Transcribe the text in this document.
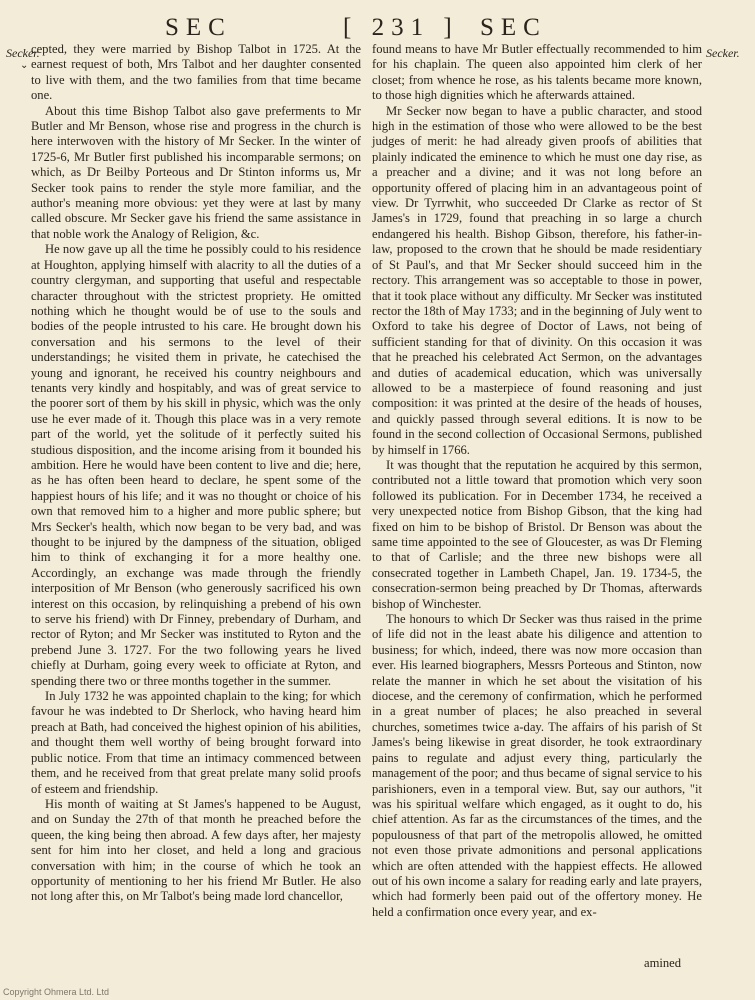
SEC	[ 231 ] SEC
Secker.	Secker.
⌄

cepted, they were married by Bishop Talbot in 1725. At the earnest request of both, Mrs Talbot and her daughter consented to live with them, and the two families from that time became one.

About this time Bishop Talbot also gave preferments to Mr Butler and Mr Benson, whose rise and progress in the church is here interwoven with the history of Mr Secker. In the winter of 1725-6, Mr Butler first published his incomparable sermons; on which, as Dr Beilby Porteous and Dr Stinton informs us, Mr Secker took pains to render the style more familiar, and the author's meaning more obvious: yet they were at last by many called obscure. Mr Secker gave his friend the same assistance in that noble work the Analogy of Religion, &c.

He now gave up all the time he possibly could to his residence at Houghton, applying himself with alacrity to all the duties of a country clergyman, and supporting that useful and respectable character throughout with the strictest propriety. He omitted nothing which he thought would be of use to the souls and bodies of the people intrusted to his care. He brought down his conversation and his sermons to the level of their understandings; he visited them in private, he catechised the young and ignorant, he received his country neighbours and tenants very kindly and hospitably, and was of great service to the poorer sort of them by his skill in physic, which was the only use he ever made of it. Though this place was in a very remote part of the world, yet the solitude of it perfectly suited his studious disposition, and the income arising from it bounded his ambition. Here he would have been content to live and die; here, as he has often been heard to declare, he spent some of the happiest hours of his life; and it was no thought or choice of his own that removed him to a higher and more public sphere; but Mrs Secker's health, which now began to be very bad, and was thought to be injured by the dampness of the situation, obliged him to think of exchanging it for a more healthy one. Accordingly, an exchange was made through the friendly interposition of Mr Benson (who generously sacrificed his own interest on this occasion, by relinquishing a prebend of his own to serve his friend) with Dr Finney, prebendary of Durham, and rector of Ryton; and Mr Secker was instituted to Ryton and the prebend June 3. 1727. For the two following years he lived chiefly at Durham, going every week to officiate at Ryton, and spending there two or three months together in the summer.

In July 1732 he was appointed chaplain to the king; for which favour he was indebted to Dr Sherlock, who having heard him preach at Bath, had conceived the highest opinion of his abilities, and thought them well worthy of being brought forward into public notice. From that time an intimacy commenced between them, and he received from that great prelate many solid proofs of esteem and friendship.

His month of waiting at St James's happened to be August, and on Sunday the 27th of that month he preached before the queen, the king being then abroad. A few days after, her majesty sent for him into her closet, and held a long and gracious conversation with him; in the course of which he took an opportunity of mentioning to her his friend Mr Butler. He also not long after this, on Mr Talbot's being made lord chancellor,

found means to have Mr Butler effectually recommended to him for his chaplain. The queen also appointed him clerk of her closet; from whence he rose, as his talents became more known, to those high dignities which he afterwards attained.

Mr Secker now began to have a public character, and stood high in the estimation of those who were allowed to be the best judges of merit: he had already given proofs of abilities that plainly indicated the eminence to which he must one day rise, as a preacher and a divine; and it was not long before an opportunity offered of placing him in an advantageous point of view. Dr Tyrrwhit, who succeeded Dr Clarke as rector of St James's in 1729, found that preaching in so large a church endangered his health. Bishop Gibson, therefore, his father-in-law, proposed to the crown that he should be made residentiary of St Paul's, and that Mr Secker should succeed him in the rectory. This arrangement was so acceptable to those in power, that it took place without any difficulty. Mr Secker was instituted rector the 18th of May 1733; and in the beginning of July went to Oxford to take his degree of Doctor of Laws, not being of sufficient standing for that of divinity. On this occasion it was that he preached his celebrated Act Sermon, on the advantages and duties of academical education, which was universally allowed to be a masterpiece of found reasoning and just composition: it was printed at the desire of the heads of houses, and quickly passed through several editions. It is now to be found in the second collection of Occasional Sermons, published by himself in 1766.

It was thought that the reputation he acquired by this sermon, contributed not a little toward that promotion which very soon followed its publication. For in December 1734, he received a very unexpected notice from Bishop Gibson, that the king had fixed on him to be bishop of Bristol. Dr Benson was about the same time appointed to the see of Gloucester, as was Dr Fleming to that of Carlisle; and the three new bishops were all consecrated together in Lambeth Chapel, Jan. 19. 1734-5, the consecration-sermon being preached by Dr Thomas, afterwards bishop of Winchester.

The honours to which Dr Secker was thus raised in the prime of life did not in the least abate his diligence and attention to business; for which, indeed, there was now more occasion than ever. His learned biographers, Messrs Porteous and Stinton, now relate the manner in which he set about the visitation of his diocese, and the ceremony of confirmation, which he performed in a great number of places; he also preached in several churches, sometimes twice a-day. The affairs of his parish of St James's being likewise in great disorder, he took extraordinary pains to regulate and adjust every thing, particularly the management of the poor; and thus became of signal service to his parishioners, even in a temporal view. But, say our authors, "it was his spiritual welfare which engaged, as it ought to do, his chief attention. As far as the circumstances of the times, and the populousness of that part of the metropolis allowed, he omitted not even those private admonitions and personal applications which are often attended with the happiest effects. He allowed out of his own income a salary for reading early and late prayers, which had formerly been paid out of the offertory money. He held a confirmation once every year, and ex-

amined
Copyright Ohmera Ltd. Ltd
